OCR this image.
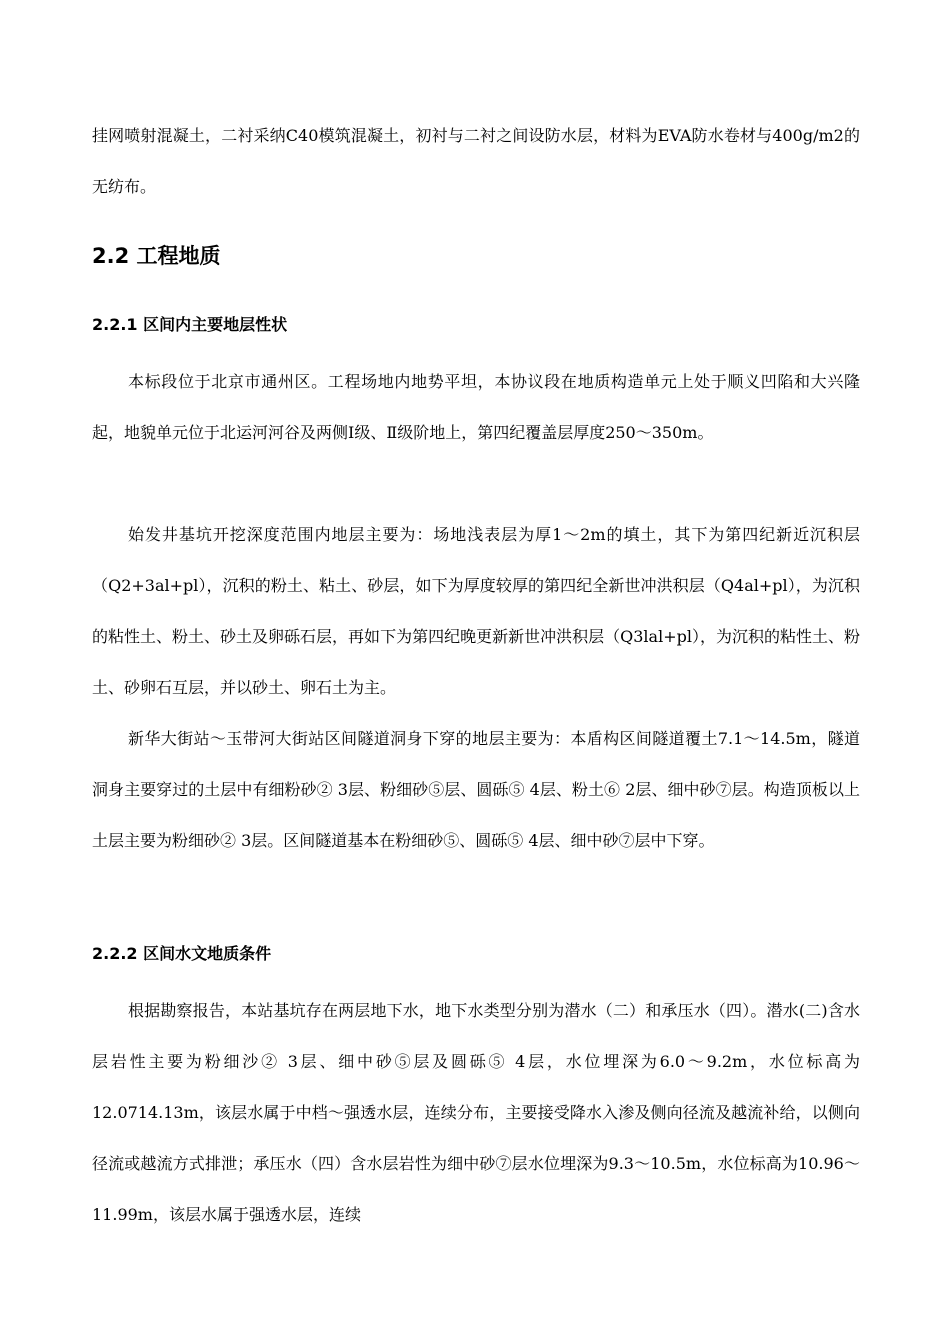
挂网喷射混凝土，二衬采纳C40模筑混凝土，初衬与二衬之间设防水层，材料为EVA防水卷材与400g/m2的无纺布。

2.2 工程地质
2.2.1 区间内主要地层性状

本标段位于北京市通州区。工程场地内地势平坦，本协议段在地质构造单元上处于顺义凹陷和大兴隆起，地貌单元位于北运河河谷及两侧Ⅰ级、Ⅱ级阶地上，第四纪覆盖层厚度250～350m。

始发井基坑开挖深度范围内地层主要为：场地浅表层为厚1～2m的填土，其下为第四纪新近沉积层（Q2+3al+pl），沉积的粉土、粘土、砂层，如下为厚度较厚的第四纪全新世冲洪积层（Q4al+pl），为沉积的粘性土、粉土、砂土及卵砾石层，再如下为第四纪晚更新新世冲洪积层（Q3lal+pl），为沉积的粘性土、粉土、砂卵石互层，并以砂土、卵石土为主。

新华大街站～玉带河大街站区间隧道洞身下穿的地层主要为：本盾构区间隧道覆土7.1～14.5m，隧道洞身主要穿过的土层中有细粉砂② 3层、粉细砂⑤层、圆砾⑤ 4层、粉土⑥ 2层、细中砂⑦层。构造顶板以上土层主要为粉细砂② 3层。区间隧道基本在粉细砂⑤、圆砾⑤ 4层、细中砂⑦层中下穿。

2.2.2 区间水文地质条件

根据勘察报告，本站基坑存在两层地下水，地下水类型分别为潜水（二）和承压水（四）。潜水(二)含水层岩性主要为粉细沙② 3层、细中砂⑤层及圆砾⑤ 4层，水位埋深为6.0～9.2m，水位标高为12.0714.13m，该层水属于中档～强透水层，连续分布，主要接受降水入渗及侧向径流及越流补给，以侧向径流或越流方式排泄；承压水（四）含水层岩性为细中砂⑦层水位埋深为9.3～10.5m，水位标高为10.96～11.99m，该层水属于强透水层，连续
